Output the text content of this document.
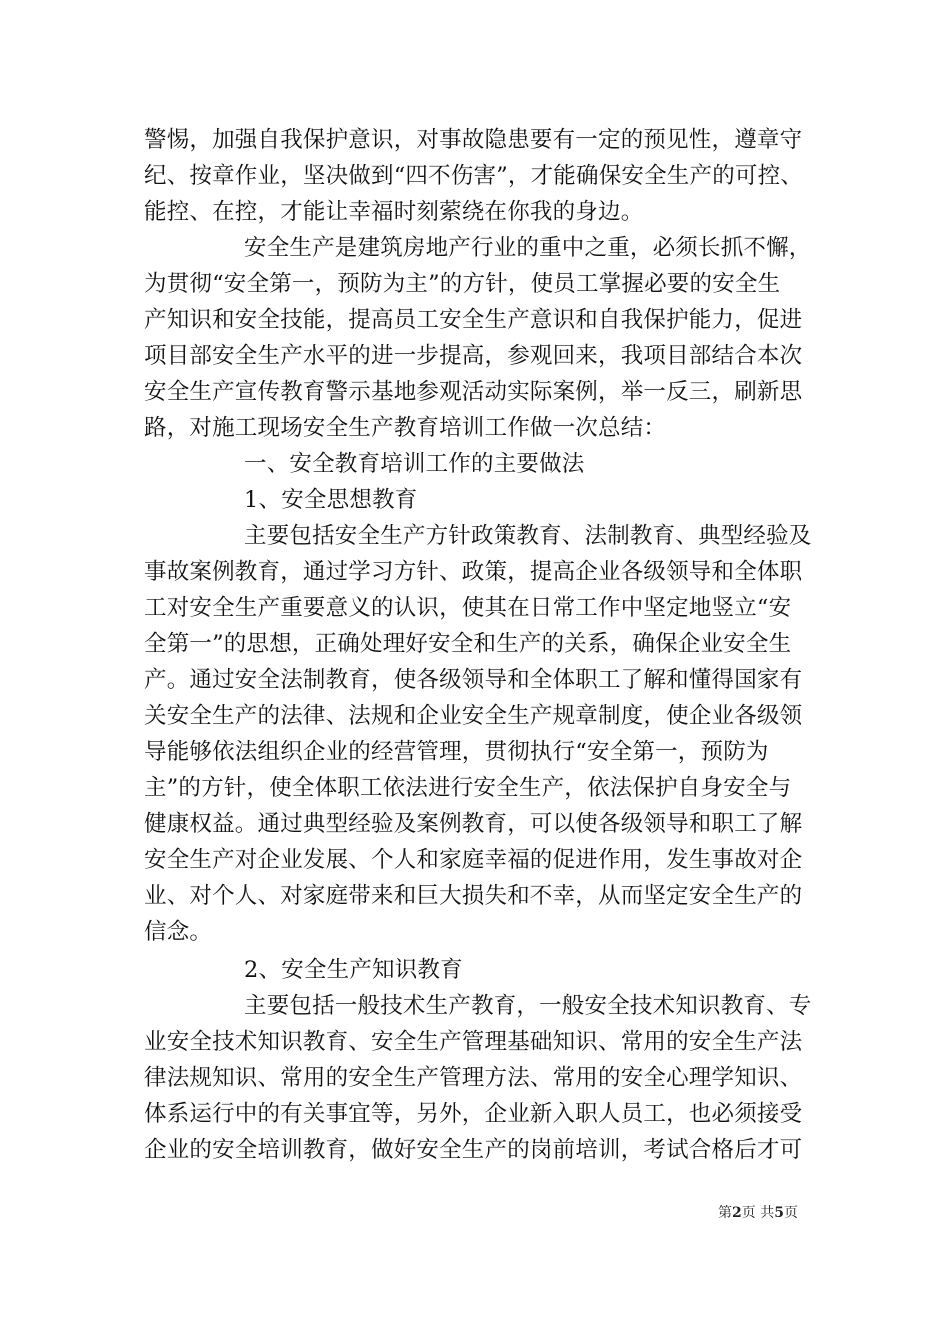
警惕，加强自我保护意识，对事故隐患要有一定的预见性，遵章守
纪、按章作业，坚决做到“四不伤害”，才能确保安全生产的可控、
能控、在控，才能让幸福时刻萦绕在你我的身边。
安全生产是建筑房地产行业的重中之重，必须长抓不懈，
为贯彻“安全第一，预防为主”的方针，使员工掌握必要的安全生
产知识和安全技能，提高员工安全生产意识和自我保护能力，促进
项目部安全生产水平的进一步提高，参观回来，我项目部结合本次
安全生产宣传教育警示基地参观活动实际案例，举一反三，刷新思
路，对施工现场安全生产教育培训工作做一次总结：
一、安全教育培训工作的主要做法
1、安全思想教育
主要包括安全生产方针政策教育、法制教育、典型经验及
事故案例教育，通过学习方针、政策，提高企业各级领导和全体职
工对安全生产重要意义的认识，使其在日常工作中坚定地竖立“安
全第一”的思想，正确处理好安全和生产的关系，确保企业安全生
产。通过安全法制教育，使各级领导和全体职工了解和懂得国家有
关安全生产的法律、法规和企业安全生产规章制度，使企业各级领
导能够依法组织企业的经营管理，贯彻执行“安全第一，预防为
主”的方针，使全体职工依法进行安全生产，依法保护自身安全与
健康权益。通过典型经验及案例教育，可以使各级领导和职工了解
安全生产对企业发展、个人和家庭幸福的促进作用，发生事故对企
业、对个人、对家庭带来和巨大损失和不幸，从而坚定安全生产的
信念。
2、安全生产知识教育
主要包括一般技术生产教育，一般安全技术知识教育、专
业安全技术知识教育、安全生产管理基础知识、常用的安全生产法
律法规知识、常用的安全生产管理方法、常用的安全心理学知识、
体系运行中的有关事宜等，另外，企业新入职人员工，也必须接受
企业的安全培训教育，做好安全生产的岗前培训，考试合格后才可
第2页 共5页
